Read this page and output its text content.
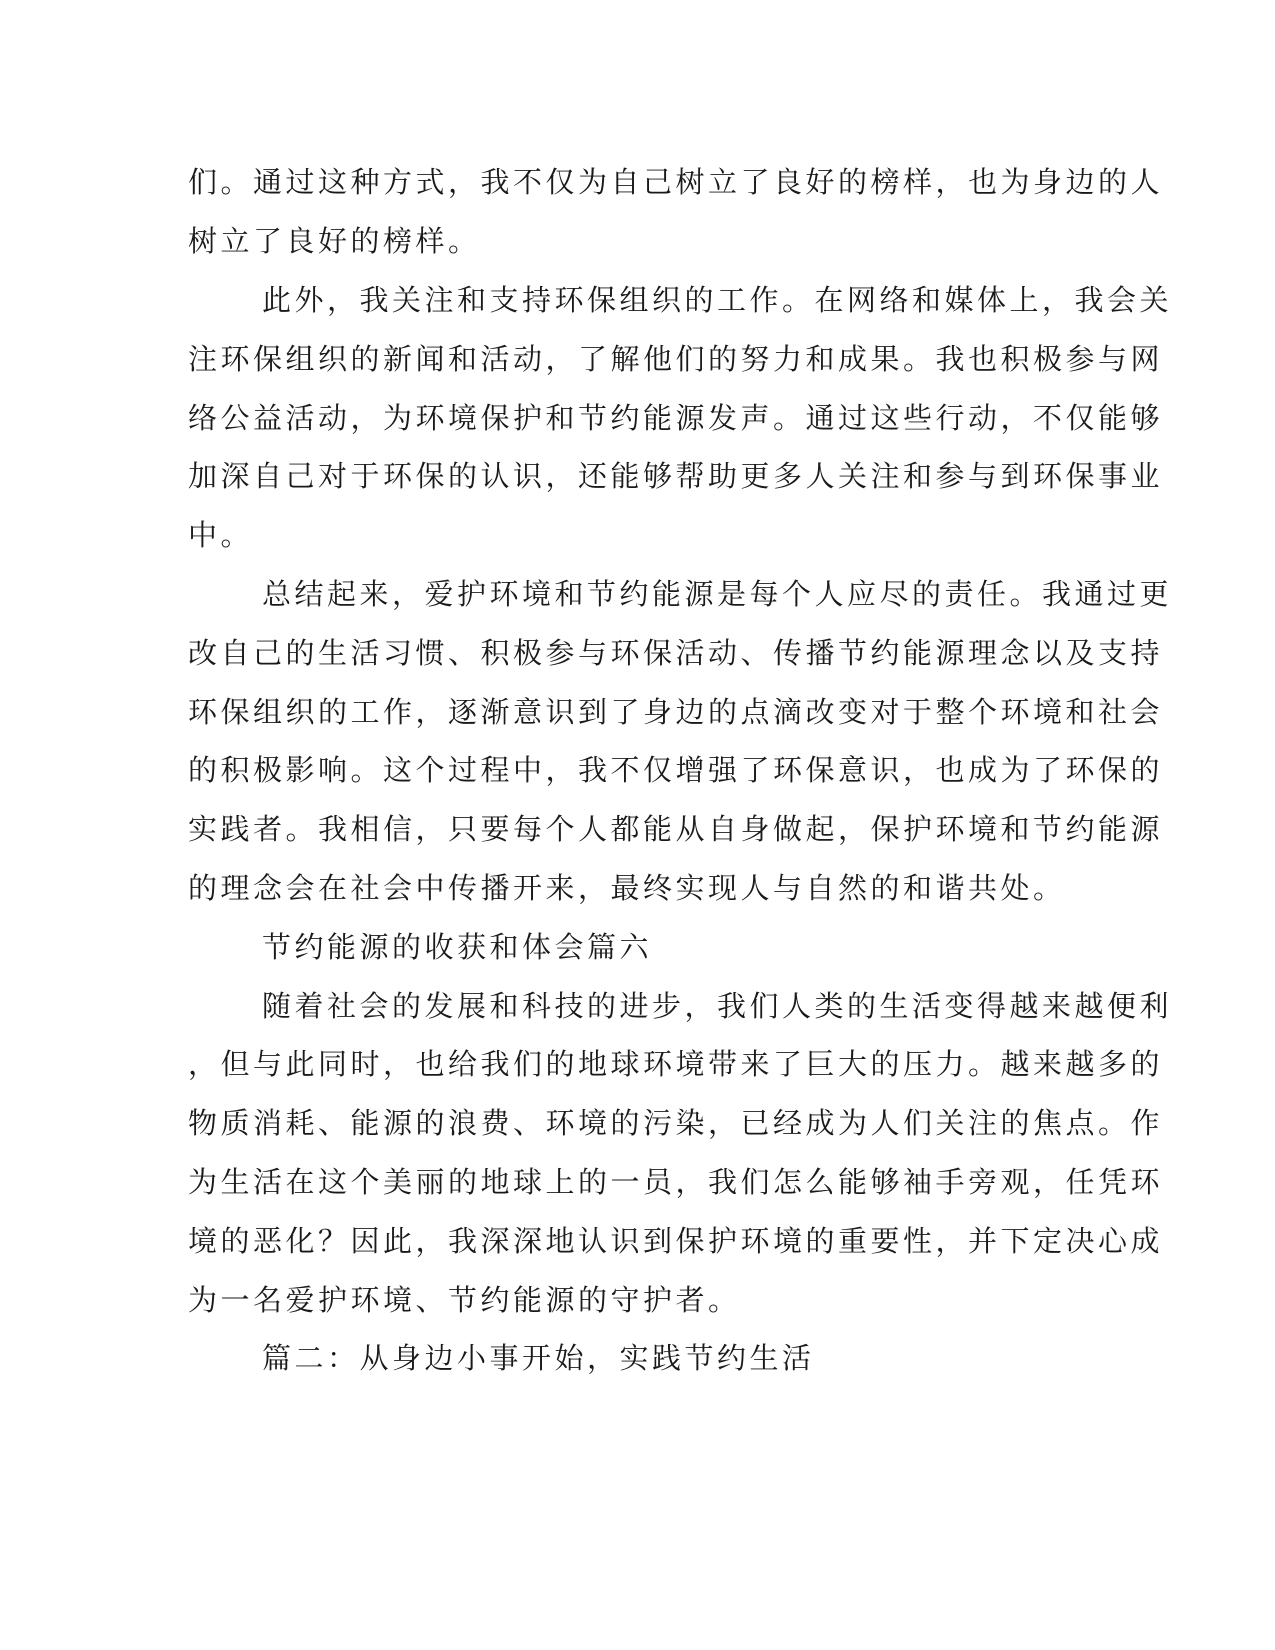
们。通过这种方式，我不仅为自己树立了良好的榜样，也为身边的人
树立了良好的榜样。
此外，我关注和支持环保组织的工作。在网络和媒体上，我会关
注环保组织的新闻和活动，了解他们的努力和成果。我也积极参与网
络公益活动，为环境保护和节约能源发声。通过这些行动，不仅能够
加深自己对于环保的认识，还能够帮助更多人关注和参与到环保事业
中。
总结起来，爱护环境和节约能源是每个人应尽的责任。我通过更
改自己的生活习惯、积极参与环保活动、传播节约能源理念以及支持
环保组织的工作，逐渐意识到了身边的点滴改变对于整个环境和社会
的积极影响。这个过程中，我不仅增强了环保意识，也成为了环保的
实践者。我相信，只要每个人都能从自身做起，保护环境和节约能源
的理念会在社会中传播开来，最终实现人与自然的和谐共处。
节约能源的收获和体会篇六
随着社会的发展和科技的进步，我们人类的生活变得越来越便利
，但与此同时，也给我们的地球环境带来了巨大的压力。越来越多的
物质消耗、能源的浪费、环境的污染，已经成为人们关注的焦点。作
为生活在这个美丽的地球上的一员，我们怎么能够袖手旁观，任凭环
境的恶化？因此，我深深地认识到保护环境的重要性，并下定决心成
为一名爱护环境、节约能源的守护者。
篇二：从身边小事开始，实践节约生活
